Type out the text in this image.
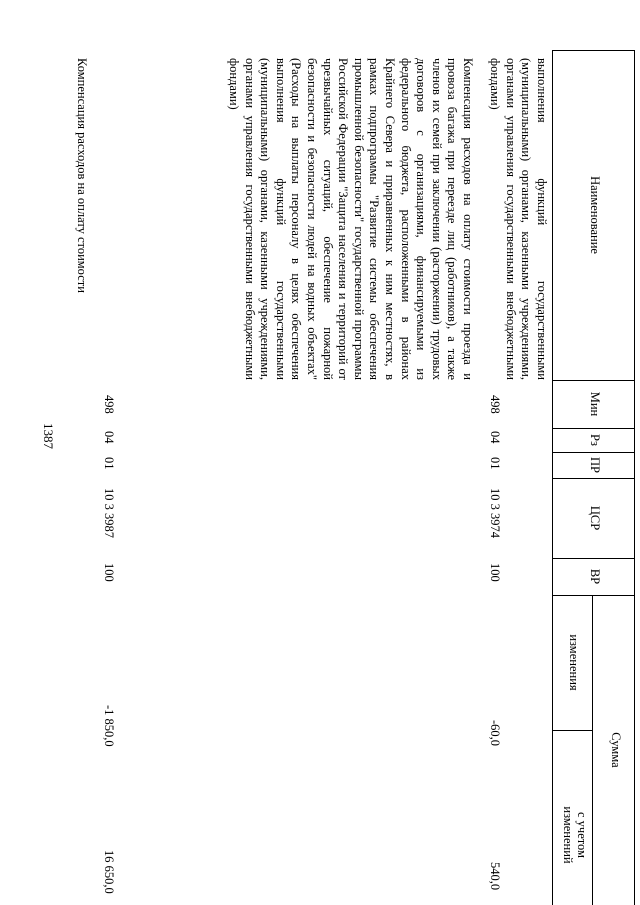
1387
Наименование
Мин
Рз
ПР
ЦСР
ВР
Сумма
изменения
с учетом изменений
выполнения функций государственными (муниципальными) органами, казенными учреждениями, органами управления государственными внебюджетными фондами)
498
04
01
10 3 3974
100
-60,0
540,0
Компенсация расходов на оплату стоимости проезда и провоза багажа при переезде лиц (работников), а также членов их семей при заключении (расторжении) трудовых договоров с организациями, финансируемыми из федерального бюджета, расположенными в районах Крайнего Севера и приравненных к ним местностях, в рамках подпрограммы "Развитие системы обеспечения промышленной безопасности" государственной программы Российской Федерации "Защита населения и территорий от чрезвычайных ситуаций, обеспечение пожарной безопасности и безопасности людей на водных объектах" (Расходы на выплаты персоналу в целях обеспечения выполнения функций государственными (муниципальными) органами, казенными учреждениями, органами управления государственными внебюджетными фондами)
498
04
01
10 3 3987
100
-1 850,0
16 650,0
Компенсация расходов на оплату стоимости
